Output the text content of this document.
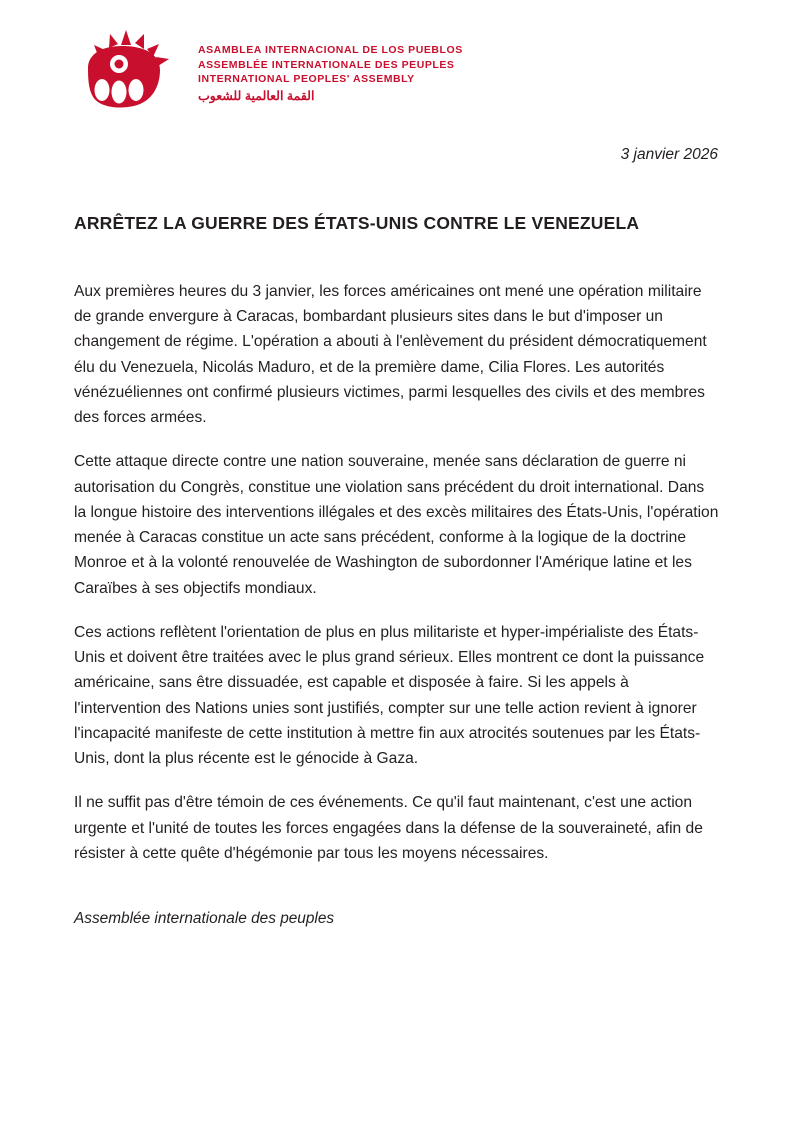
ASAMBLEA INTERNACIONAL DE LOS PUEBLOS
ASSEMBLÉE INTERNATIONALE DES PEUPLES
INTERNATIONAL PEOPLES' ASSEMBLY
القمة العالمية للشعوب
3 janvier 2026
ARRÊTEZ LA GUERRE DES ÉTATS-UNIS CONTRE LE VENEZUELA

Aux premières heures du 3 janvier, les forces américaines ont mené une opération militaire de grande envergure à Caracas, bombardant plusieurs sites dans le but d'imposer un changement de régime. L'opération a abouti à l'enlèvement du président démocratiquement élu du Venezuela, Nicolás Maduro, et de la première dame, Cilia Flores. Les autorités vénézuéliennes ont confirmé plusieurs victimes, parmi lesquelles des civils et des membres des forces armées.

Cette attaque directe contre une nation souveraine, menée sans déclaration de guerre ni autorisation du Congrès, constitue une violation sans précédent du droit international. Dans la longue histoire des interventions illégales et des excès militaires des États-Unis, l'opération menée à Caracas constitue un acte sans précédent, conforme à la logique de la doctrine Monroe et à la volonté renouvelée de Washington de subordonner l'Amérique latine et les Caraïbes à ses objectifs mondiaux.

Ces actions reflètent l'orientation de plus en plus militariste et hyper-impérialiste des États-Unis et doivent être traitées avec le plus grand sérieux. Elles montrent ce dont la puissance américaine, sans être dissuadée, est capable et disposée à faire. Si les appels à l'intervention des Nations unies sont justifiés, compter sur une telle action revient à ignorer l'incapacité manifeste de cette institution à mettre fin aux atrocités soutenues par les États-Unis, dont la plus récente est le génocide à Gaza.

Il ne suffit pas d'être témoin de ces événements. Ce qu'il faut maintenant, c'est une action urgente et l'unité de toutes les forces engagées dans la défense de la souveraineté, afin de résister à cette quête d'hégémonie par tous les moyens nécessaires.

Assemblée internationale des peuples
